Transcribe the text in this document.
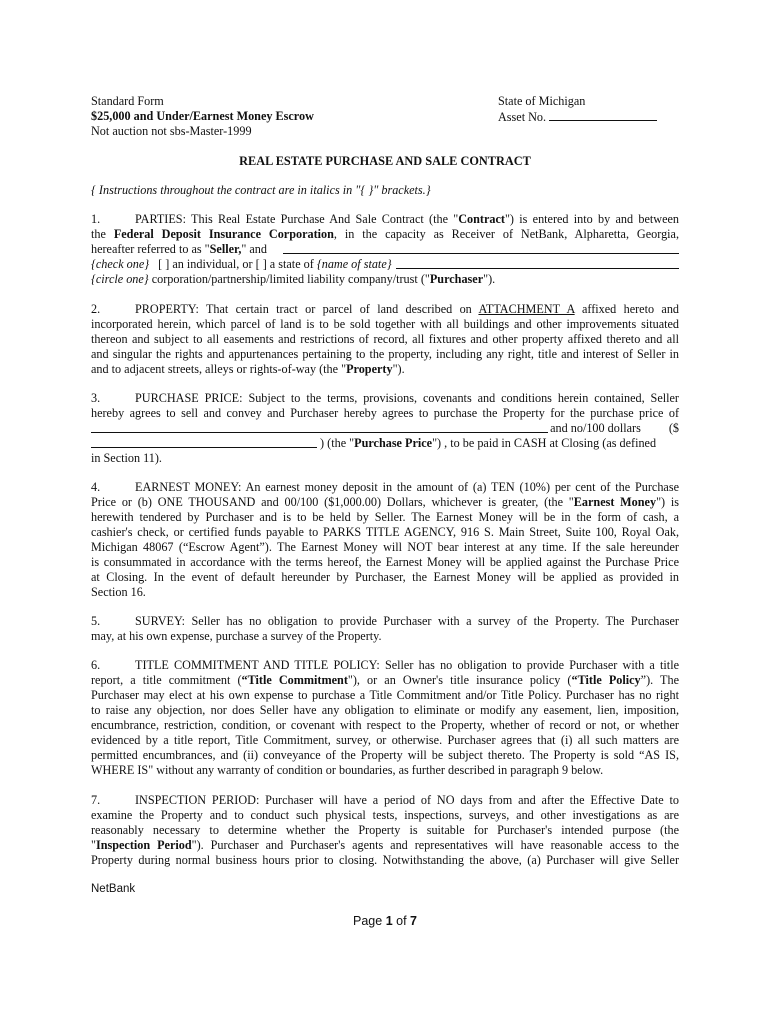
Standard Form
$25,000 and Under/Earnest Money Escrow
Not auction not sbs-Master-1999
State of Michigan
Asset No.
REAL ESTATE PURCHASE AND SALE CONTRACT
{ Instructions throughout the contract are in italics in "{ }" brackets.}
1.	PARTIES: This Real Estate Purchase And Sale Contract (the "Contract") is entered into by and between
the Federal Deposit Insurance Corporation, in the capacity as Receiver of NetBank, Alpharetta, Georgia,
hereafter referred to as " Seller, " and
{check one} [ ] an individual, or [ ] a state of
{name of state}
{circle one} corporation/partnership/limited liability company/trust ("Purchaser").
2.	PROPERTY: That certain tract or parcel of land described on ATTACHMENT A affixed hereto and
incorporated herein, which parcel of land is to be sold together with all buildings and other improvements situated
thereon and subject to all easements and restrictions of record, all fixtures and other property affixed thereto and all
and singular the rights and appurtenances pertaining to the property, including any right, title and interest of Seller in
and to adjacent streets, alleys or rights-of-way (the "Property").
3.	PURCHASE PRICE: Subject to the terms, provisions, covenants and conditions herein contained, Seller
hereby agrees to sell and convey and Purchaser hereby agrees to purchase the Property for the purchase price of
and no/100 dollars ($

) (the " Purchase Price ") , to be paid in CASH at Closing (as defined
in Section 11).
4.	EARNEST MONEY: An earnest money deposit in the amount of (a) TEN (10%) per cent of the Purchase
Price or (b) ONE THOUSAND and 00/100 ($1,000.00) Dollars, whichever is greater, (the "Earnest Money") is
herewith tendered by Purchaser and is to be held by Seller. The Earnest Money will be in the form of cash, a
cashier's check, or certified funds payable to PARKS TITLE AGENCY, 916 S. Main Street, Suite 100, Royal Oak,
Michigan 48067 (“Escrow Agent”). The Earnest Money will NOT bear interest at any time. If the sale hereunder
is consummated in accordance with the terms hereof, the Earnest Money will be applied against the Purchase Price
at Closing. In the event of default hereunder by Purchaser, the Earnest Money will be applied as provided in
Section 16.
5.	SURVEY: Seller has no obligation to provide Purchaser with a survey of the Property. The Purchaser
may, at his own expense, purchase a survey of the Property.
6.	TITLE COMMITMENT AND TITLE POLICY: Seller has no obligation to provide Purchaser with a title
report, a title commitment (“Title Commitment"), or an Owner's title insurance policy (“Title Policy”). The
Purchaser may elect at his own expense to purchase a Title Commitment and/or Title Policy. Purchaser has no right
to raise any objection, nor does Seller have any obligation to eliminate or modify any easement, lien, imposition,
encumbrance, restriction, condition, or covenant with respect to the Property, whether of record or not, or whether
evidenced by a title report, Title Commitment, survey, or otherwise. Purchaser agrees that (i) all such matters are
permitted encumbrances, and (ii) conveyance of the Property will be subject thereto. The Property is sold “AS IS,
WHERE IS" without any warranty of condition or boundaries, as further described in paragraph 9 below.
7.	INSPECTION PERIOD: Purchaser will have a period of NO days from and after the Effective Date to
examine the Property and to conduct such physical tests, inspections, surveys, and other investigations as are
reasonably necessary to determine whether the Property is suitable for Purchaser's intended purpose (the
"Inspection Period"). Purchaser and Purchaser's agents and representatives will have reasonable access to the
Property during normal business hours prior to closing. Notwithstanding the above, (a) Purchaser will give Seller
NetBank
Page 1 of 7
